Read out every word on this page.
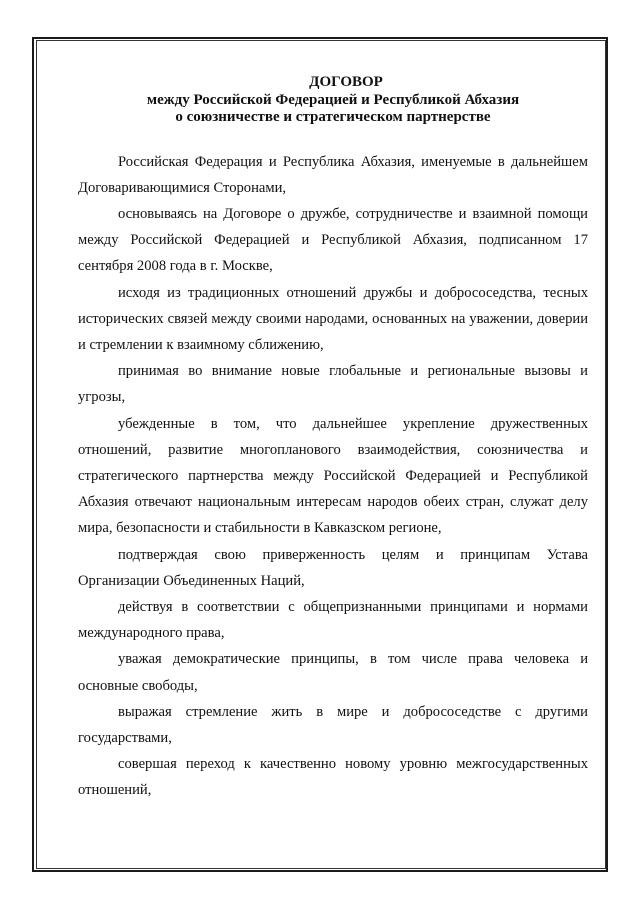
ДОГОВОР
между Российской Федерацией и Республикой Абхазия
о союзничестве и стратегическом партнерстве

Российская Федерация и Республика Абхазия, именуемые в дальнейшем Договаривающимися Сторонами,

основываясь на Договоре о дружбе, сотрудничестве и взаимной помощи между Российской Федерацией и Республикой Абхазия, подписанном 17 сентября 2008 года в г. Москве,

исходя из традиционных отношений дружбы и добрососедства, тесных исторических связей между своими народами, основанных на уважении, доверии и стремлении к взаимному сближению,

принимая во внимание новые глобальные и региональные вызовы и угрозы,

убежденные в том, что дальнейшее укрепление дружественных отношений, развитие многопланового взаимодействия, союзничества и стратегического партнерства между Российской Федерацией и Республикой Абхазия отвечают национальным интересам народов обеих стран, служат делу мира, безопасности и стабильности в Кавказском регионе,

подтверждая свою приверженность целям и принципам Устава Организации Объединенных Наций,

действуя в соответствии с общепризнанными принципами и нормами международного права,

уважая демократические принципы, в том числе права человека и основные свободы,

выражая стремление жить в мире и добрососедстве с другими государствами,

совершая переход к качественно новому уровню межгосударственных отношений,
